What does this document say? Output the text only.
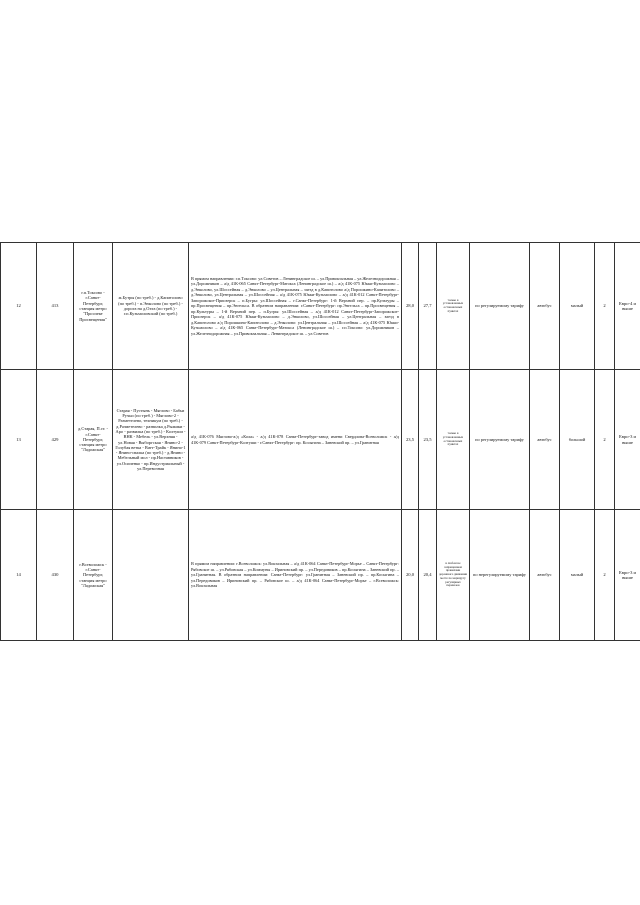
12	413	г.п.Токсово - г.Санкт-Петербург, станция метро "Проспект Просвещения"	ж.Бутры (по треб.) - д.Капитолово (по треб.) - п.Энколово (по треб.) - дорога на д.Охта (по треб.) - г.п.Кузьмоловский (по треб.)	В прямом направлении: г.п.Токсово: ул.Советов – Ленинградское ш. – ул.Привокзальная – ул.Железнодорожная – ул.Дорожников – а/д 41К-065 Санкт-Петербург-Матокса (Ленинградское ш.) – а/д 41К-075 Юкки-Кузьмолово – д.Энколово, ул.Шоссейная – д.Энколово – ул.Центральная – заезд в д.Капитолово а/д Порошкино-Капитолово – д.Энколово, ул.Центральная – ул.Шоссейная – а/д 41К-075 Юкки-Кузьмолово – а/д 41К-012 Санкт-Петербург-Запорожское-Приозерск – п.Бугры: ул.Шоссейная – г.Санкт-Петербург: 1-й Верхний пер. – пр.Культуры – пр.Просвещения – пр.Энгельса. В обратном направлении: г.Санкт-Петербург: пр.Энгельса – пр.Просвещения – пр.Культуры – 1-й Верхний пер. – п.Бугры: ул.Шоссейная – а/д 41К-012 Санкт-Петербург-Запорожское-Приозерск – а/д 41К-075 Юкки-Кузьмолово – д.Энколово, ул.Шоссейная – ул.Центральная – заезд в д.Капитолово а/д Порошкино-Капитолово – д.Энколово: ул.Центральная – ул.Шоссейная – а/д 41К-075 Юкки-Кузьмолово – а/д 41К-065 Санкт-Петербург-Матокса (Ленинградское ш.) – г.п.Токсово: ул.Дорожников – ул.Железнодорожная – ул.Привокзальная – Ленинградское ш. – ул.Советов	28,0	27,7	только в установленных остановочных пунктах	по регулируемому тарифу	автобус	малый	2	Евро-4 и выше
13	429	д.Старая, П.ст. - г.Санкт-Петербург, станция метро "Ладожская"	Старая - Пустынь - Мяглово - Бабьи Ручьи (по треб.) - Мяглово-2 - Разметелево, техникум (по треб.) - д.Разметелево - развилка д.Рыжики - Аро - развилка (по треб.) - Колтуши - ВНК - Мебель - ул.Верхняя - ул.Новая - Выборгская - Янино-2 - Голубая ветка - Ватт-Трайк - Янино-1 - Янино-свалка (по треб.) - д.Янино - Мебельный мол - пр.Наставников - ул.Осипенко - пр.Индустриальный - ул.Перевозная	а/д 41К-076 Мяглово-а/д «Кола» - а/д 41К-078 Санкт-Петербург-завод имени Свердлова-Всеволожск - а/д 41К-079 Санкт-Петербург-Колтуши - г.Санкт-Петербург: пр. Косыгина – Заневский пр. – ул.Гранитная	23,5	23,5	только в установленных остановочных пунктах	по регулируемому тарифу	автобус	большой	2	Евро-3 и выше
14	430	г.Всеволожск - г.Санкт-Петербург, станция метро "Ладожская"		В прямом направлении: г.Всеволожск: ул.Вокзальная – а/д 41К-064 Санкт-Петербург-Морье – Санкт-Петербург: Рябовское ш. – ул.Рябовская – ул.Коммуны – Ириновский пр. – ул.Передовиков – пр.Косыгина – Заневский пр. – ул.Гранитная. В обратном направлении: Санкт-Петербург: ул.Гранитная – Заневский пр. – пр.Косыгина – ул.Передовиков – Ириновский пр. – Рябовское ш. – а/д 41К-064 Санкт-Петербург-Морье – г.Всеволожск: ул.Вокзальная	20,0	20,4	в любом не запрещенном правилами дорожного движения месте по маршруту регулярных перевозок	по нерегулируемому тарифу	автобус	малый	2	Евро-3 и выше
